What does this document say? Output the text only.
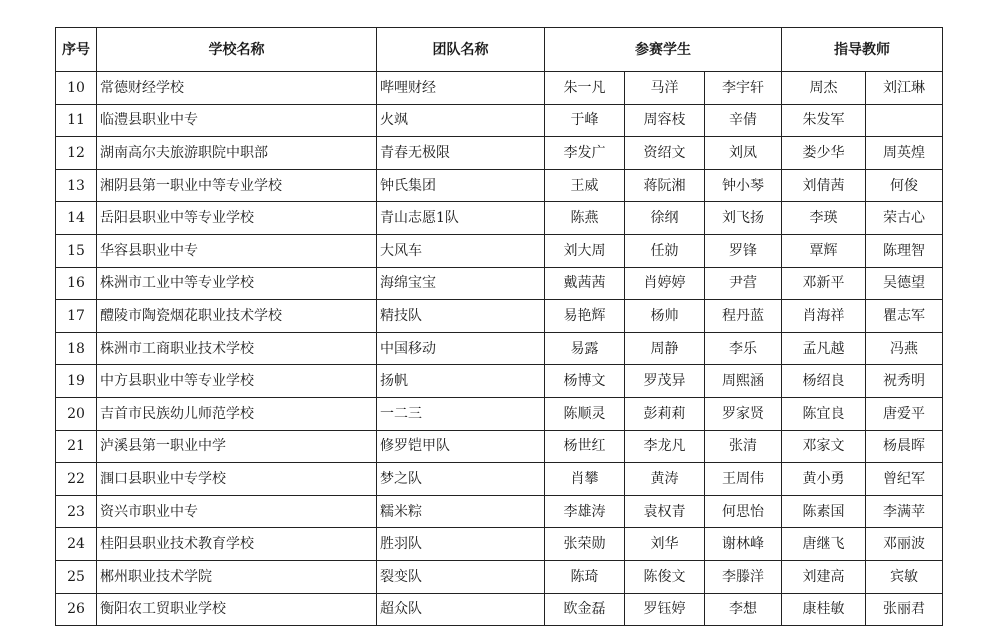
序号	学校名称	团队名称	参赛学生			指导教师	
10	常德财经学校	哔哩财经	朱一凡	马洋	李宇轩	周杰	刘江琳
11	临澧县职业中专	火飒	于峰	周容枝	辛倩	朱发军	
12	湖南高尔夫旅游职院中职部	青春无极限	李发广	资绍文	刘凤	娄少华	周英煌
13	湘阴县第一职业中等专业学校	钟氏集团	王威	蒋阮湘	钟小琴	刘倩茜	何俊
14	岳阳县职业中等专业学校	青山志愿1队	陈燕	徐纲	刘飞扬	李瑛	荣古心
15	华容县职业中专	大风车	刘大周	任勍	罗锋	覃辉	陈理智
16	株洲市工业中等专业学校	海绵宝宝	戴茜茜	肖婷婷	尹营	邓新平	吴德望
17	醴陵市陶瓷烟花职业技术学校	精技队	易艳辉	杨帅	程丹蓝	肖海祥	瞿志军
18	株洲市工商职业技术学校	中国移动	易露	周静	李乐	孟凡越	冯燕
19	中方县职业中等专业学校	扬帆	杨博文	罗茂异	周熙涵	杨绍良	祝秀明
20	吉首市民族幼儿师范学校	一二三	陈顺灵	彭莉莉	罗家贤	陈宜良	唐爱平
21	泸溪县第一职业中学	修罗铠甲队	杨世红	李龙凡	张清	邓家文	杨晨晖
22	涠口县职业中专学校	梦之队	肖攀	黄涛	王周伟	黄小勇	曾纪军
23	资兴市职业中专	糯米粽	李雄涛	袁权青	何思怡	陈素国	李满苹
24	桂阳县职业技术教育学校	胜羽队	张荣勋	刘华	谢林峰	唐继飞	邓丽波
25	郴州职业技术学院	裂变队	陈琦	陈俊文	李滕洋	刘建高	宾敏
26	衡阳农工贸职业学校	超众队	欧金磊	罗钰婷	李想	康桂敏	张丽君
